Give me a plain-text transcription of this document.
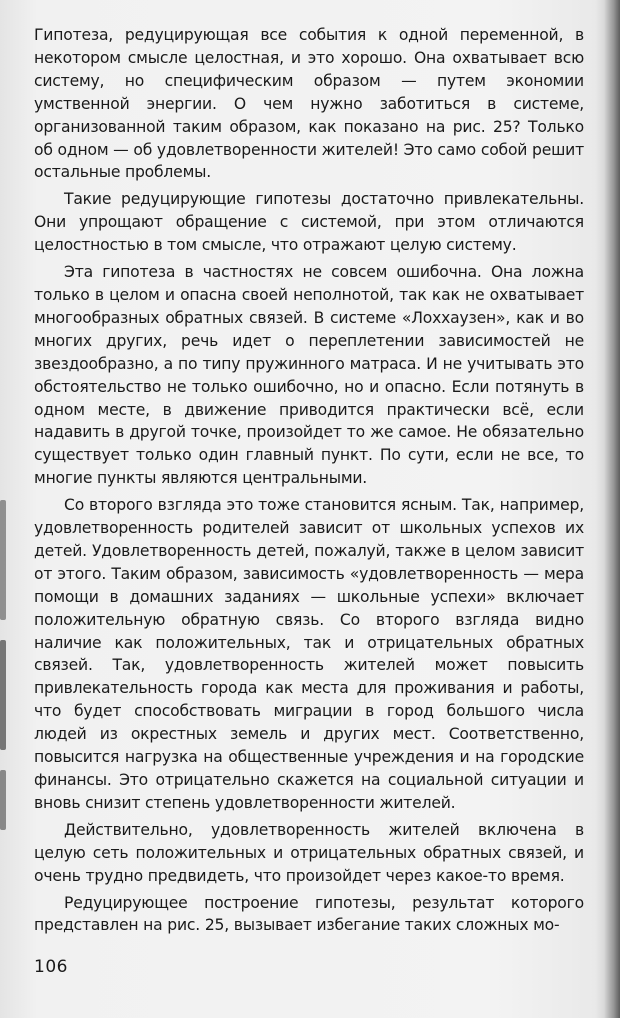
Гипотеза, редуцирующая все события к одной переменной, в некотором смысле целостная, и это хорошо. Она охватывает всю систему, но специфическим образом — путем экономии умственной энергии. О чем нужно заботиться в системе, организованной таким образом, как показано на рис. 25? Только об одном — об удовлетворенности жителей! Это само собой решит остальные проблемы.

Такие редуцирующие гипотезы достаточно привлекательны. Они упрощают обращение с системой, при этом отличаются целостностью в том смысле, что отражают целую систему.

Эта гипотеза в частностях не совсем ошибочна. Она ложна только в целом и опасна своей неполнотой, так как не охватывает многообразных обратных связей. В системе «Лоххаузен», как и во многих других, речь идет о переплетении зависимостей не звездообразно, а по типу пружинного матраса. И не учитывать это обстоятельство не только ошибочно, но и опасно. Если потянуть в одном месте, в движение приводится практически всё, если надавить в другой точке, произойдет то же самое. Не обязательно существует только один главный пункт. По сути, если не все, то многие пункты являются центральными.

Со второго взгляда это тоже становится ясным. Так, например, удовлетворенность родителей зависит от школьных успехов их детей. Удовлетворенность детей, пожалуй, также в целом зависит от этого. Таким образом, зависимость «удовлетворенность — мера помощи в домашних заданиях — школьные успехи» включает положительную обратную связь. Со второго взгляда видно наличие как положительных, так и отрицательных обратных связей. Так, удовлетворенность жителей может повысить привлекательность города как места для проживания и работы, что будет способствовать миграции в город большого числа людей из окрестных земель и других мест. Соответственно, повысится нагрузка на общественные учреждения и на городские финансы. Это отрицательно скажется на социальной ситуации и вновь снизит степень удовлетворенности жителей.

Действительно, удовлетворенность жителей включена в целую сеть положительных и отрицательных обратных связей, и очень трудно предвидеть, что произойдет через какое-то время.

Редуцирующее построение гипотезы, результат которого представлен на рис. 25, вызывает избегание таких сложных мо-

106
